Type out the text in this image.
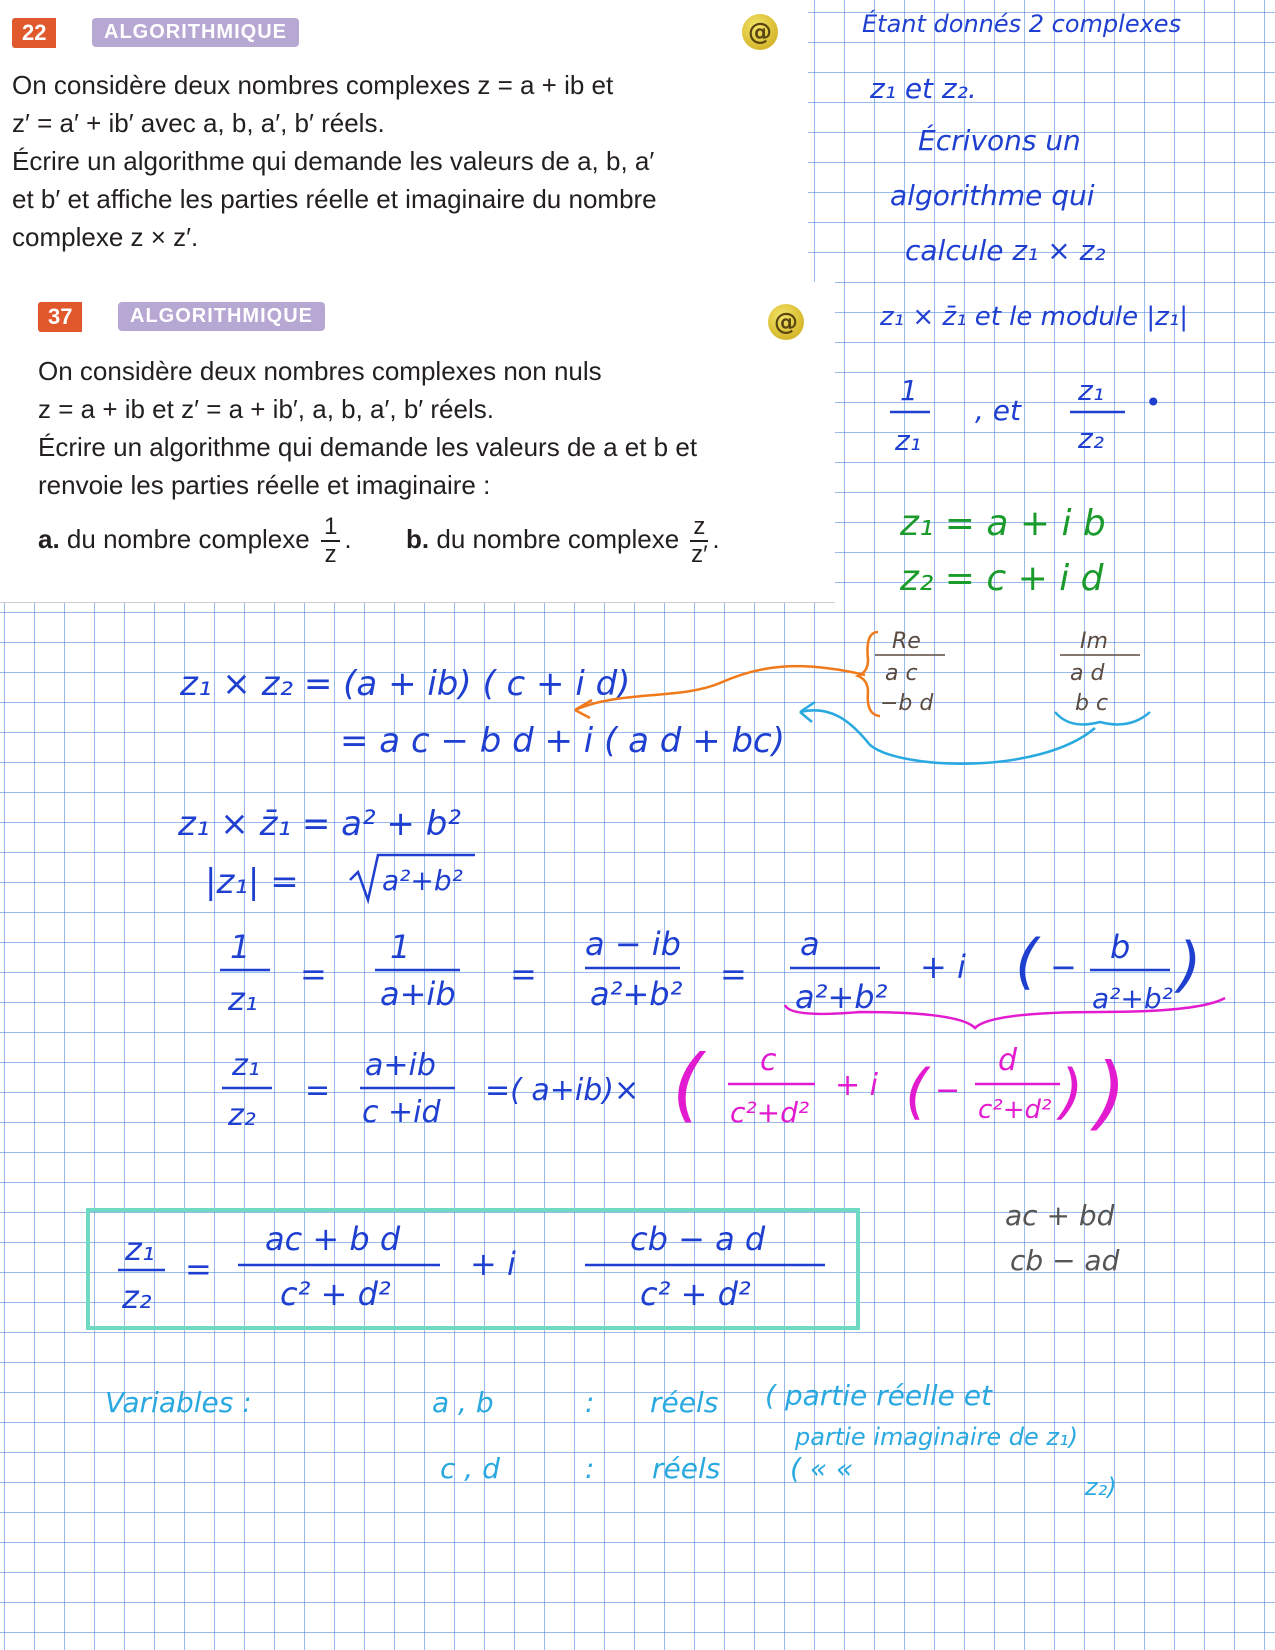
22	ALGORITHMIQUE	@
On considère deux nombres complexes z = a + ib et
z′ = a′ + ib′ avec a, b, a′, b′ réels.
Écrire un algorithme qui demande les valeurs de a, b, a′
et b′ et affiche les parties réelle et imaginaire du nombre
complexe z × z′.
37	ALGORITHMIQUE	@
On considère deux nombres complexes non nuls
z = a + ib et z′ = a + ib′, a, b, a′, b′ réels.
Écrire un algorithme qui demande les valeurs de a et b et
renvoie les parties réelle et imaginaire :
a. du nombre complexe $\frac{1}{z}$ .  b. du nombre complexe $\frac{z}{z'}$ .
Étant donnés 2 complexes
z₁ et z₂.
Écrivons un
algorithme qui
calcule z₁ × z₂
z₁ × z̄₁ et le module |z₁|
1
z₁
, et
z₁
z₂
•
z₁ = a + i b
z₂ = c + i d
z₁ × z₂ = (a + ib) ( c + i d)
= a c − b d + i ( a d + bc)
Re
a c
−b d
Im
a d
b c
z₁ × z̄₁ = a² + b²
|z₁| =	a²+b²
1
z₁
=
1
a+ib
=
a − ib
a²+b²
=
a
a²+b²
+ i ( −
b
a²+b² )
z₁
z₂
=
a+ib
c +id
=( a+ib)× ( c
c²+d²
+ i ( −
d
c²+d² ) )
z₁
z₂
=
ac + b d
c² + d²
+ i
cb − a d
c² + d²
ac + bd
cb − ad
Variables :	a , b	: réels ( partie réelle et
partie imaginaire de z₁)
c , d	: réels ( « «
z₂)
